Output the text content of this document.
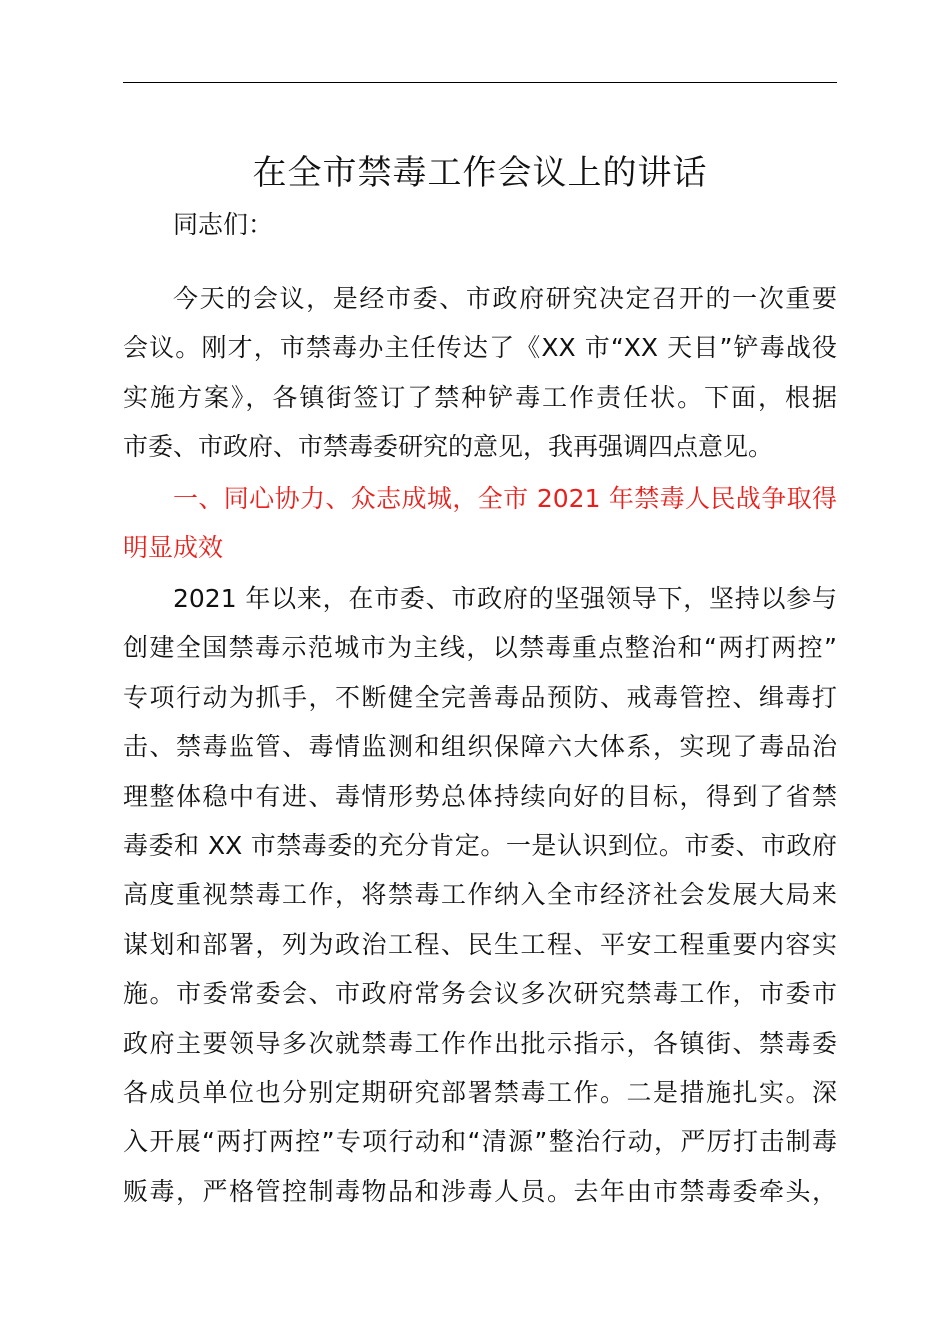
在全市禁毒工作会议上的讲话
同志们：
今天的会议，是经市委、市政府研究决定召开的一次重要
会议。刚才，市禁毒办主任传达了《XX 市“XX 天目”铲毒战役
实施方案》，各镇街签订了禁种铲毒工作责任状。下面，根据
市委、市政府、市禁毒委研究的意见，我再强调四点意见。
一、同心协力、众志成城，全市 2021 年禁毒人民战争取得
明显成效
2021 年以来，在市委、市政府的坚强领导下，坚持以参与
创建全国禁毒示范城市为主线，以禁毒重点整治和“两打两控”
专项行动为抓手，不断健全完善毒品预防、戒毒管控、缉毒打
击、禁毒监管、毒情监测和组织保障六大体系，实现了毒品治
理整体稳中有进、毒情形势总体持续向好的目标，得到了省禁
毒委和 XX 市禁毒委的充分肯定。一是认识到位。市委、市政府
高度重视禁毒工作，将禁毒工作纳入全市经济社会发展大局来
谋划和部署，列为政治工程、民生工程、平安工程重要内容实
施。市委常委会、市政府常务会议多次研究禁毒工作，市委市
政府主要领导多次就禁毒工作作出批示指示，各镇街、禁毒委
各成员单位也分别定期研究部署禁毒工作。二是措施扎实。深
入开展“两打两控”专项行动和“清源”整治行动，严厉打击制毒
贩毒，严格管控制毒物品和涉毒人员。去年由市禁毒委牵头，
